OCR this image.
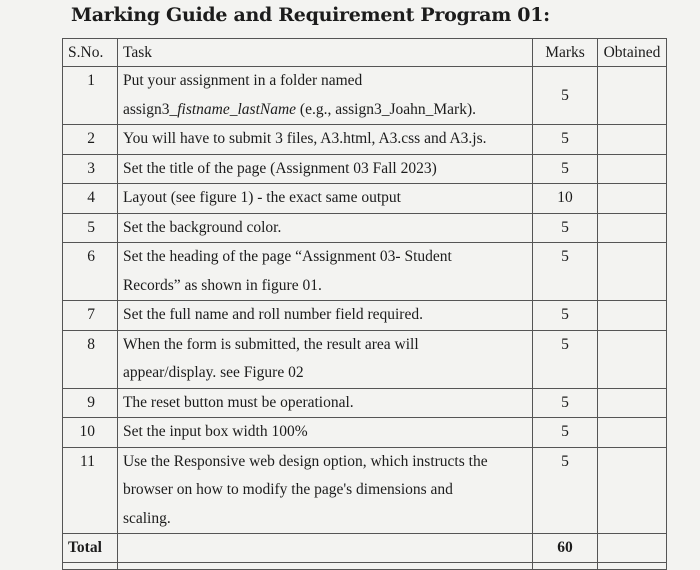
Marking Guide and Requirement Program 01:
S.No.	Task	Marks	Obtained
1	Put your assignment in a folder named
assign3_fistname_lastName (e.g., assign3_Joahn_Mark).	5	
2	You will have to submit 3 files, A3.html, A3.css and A3.js.	5	
3	Set the title of the page (Assignment 03 Fall 2023)	5	
4	Layout (see figure 1) - the exact same output	10	
5	Set the background color.	5	
6	Set the heading of the page “Assignment 03- Student
Records” as shown in figure 01.	5	
7	Set the full name and roll number field required.	5	
8	When the form is submitted, the result area will
appear/display. see Figure 02	5	
9	The reset button must be operational.	5	
10	Set the input box width 100%	5	
11	Use the Responsive web design option, which instructs the
browser on how to modify the page's dimensions and
scaling.	5	
Total		60	
